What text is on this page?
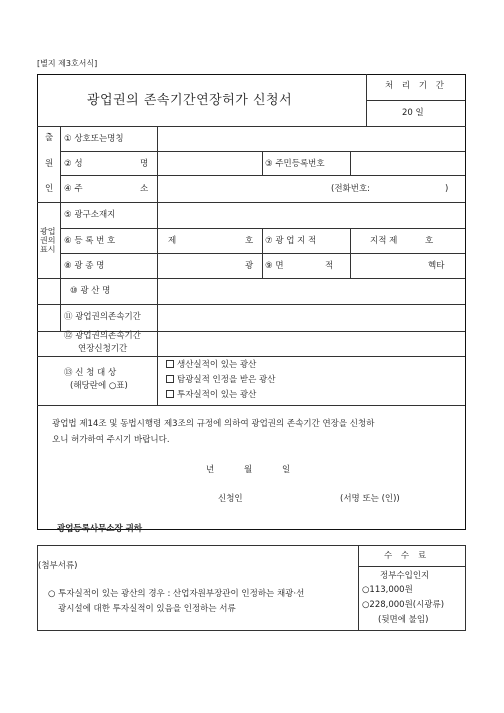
[별지 제3호서식]
광업권의 존속기간연장허가 신청서
처 리 기 간
20 일
출
원
인
① 상호또는명칭
② 성	명	③ 주민등록번호
④ 주	소	(전화번호:	)
광업
권의
표시
⑤ 광구소재지
⑥ 등 록 번 호	제	호 ⑦ 광 업 지 적	지적 제	호
⑧ 광 종 명	광 ⑨ 면	적	헥타
⑩ 광 산 명
⑪ 광업권의존속기간
⑫ 광업권의존속기간
연장신청기간
⑬ 신 청 대 상
(해당란에 ○표)
생산실적이 있는 광산
탐광실적 인정을 받은 광산
투자실적이 있는 광산
광업법 제14조 및 동법시행령 제3조의 규정에 의하여 광업권의 존속기간 연장을 신청하
오니 허가하여 주시기 바랍니다.
년	월	일
신청인	(서명 또는 (인))
광업등록사무소장 귀하
(첨부서류)
○ 투자실적이 있는 광산의 경우 : 산업자원부장관이 인정하는 채광·선
광시설에 대한 투자실적이 있음을 인정하는 서류
수 수 료
정부수입인지
○113,000원
○228,000원(시광류)
(뒷면에 불임)
